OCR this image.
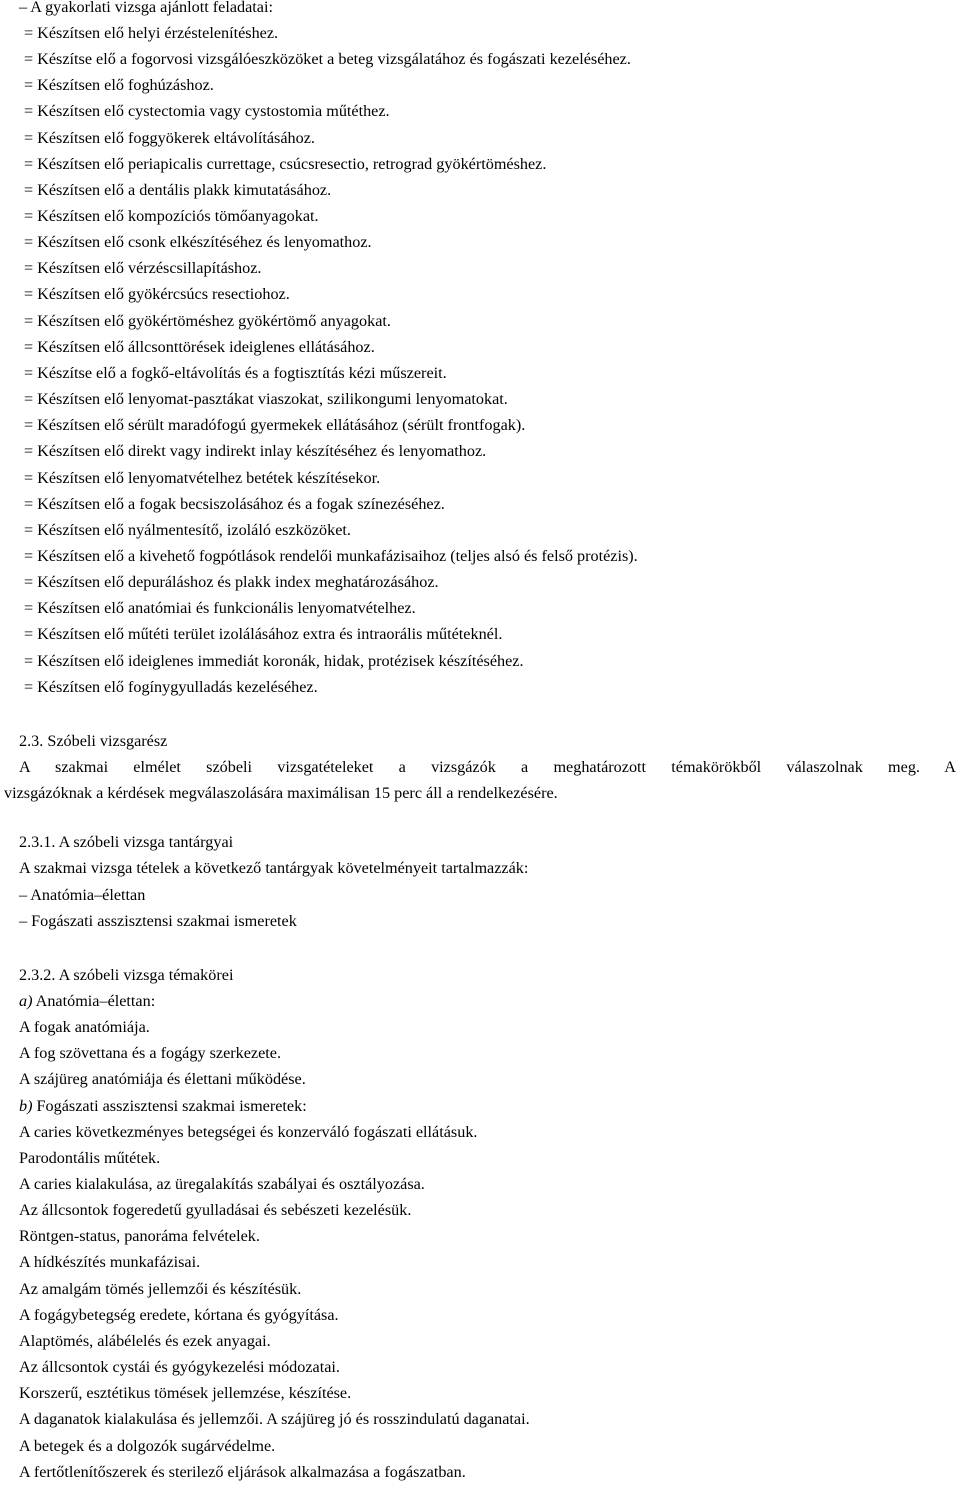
– A gyakorlati vizsga ajánlott feladatai:
= Készítsen elő helyi érzéstelenítéshez.
= Készítse elő a fogorvosi vizsgálóeszközöket a beteg vizsgálatához és fogászati kezeléséhez.
= Készítsen elő foghúzáshoz.
= Készítsen elő cystectomia vagy cystostomia műtéthez.
= Készítsen elő foggyökerek eltávolításához.
= Készítsen elő periapicalis currettage, csúcsresectio, retrograd gyökértöméshez.
= Készítsen elő a dentális plakk kimutatásához.
= Készítsen elő kompozíciós tömőanyagokat.
= Készítsen elő csonk elkészítéséhez és lenyomathoz.
= Készítsen elő vérzéscsillapításhoz.
= Készítsen elő gyökércsúcs resectiohoz.
= Készítsen elő gyökértöméshez gyökértömő anyagokat.
= Készítsen elő állcsonttörések ideiglenes ellátásához.
= Készítse elő a fogkő-eltávolítás és a fogtisztítás kézi műszereit.
= Készítsen elő lenyomat-pasztákat viaszokat, szilikongumi lenyomatokat.
= Készítsen elő sérült maradófogú gyermekek ellátásához (sérült frontfogak).
= Készítsen elő direkt vagy indirekt inlay készítéséhez és lenyomathoz.
= Készítsen elő lenyomatvételhez betétek készítésekor.
= Készítsen elő a fogak becsiszolásához és a fogak színezéséhez.
= Készítsen elő nyálmentesítő, izoláló eszközöket.
= Készítsen elő a kivehető fogpótlások rendelői munkafázisaihoz (teljes alsó és felső protézis).
= Készítsen elő depuráláshoz és plakk index meghatározásához.
= Készítsen elő anatómiai és funkcionális lenyomatvételhez.
= Készítsen elő műtéti terület izolálásához extra és intraorális műtéteknél.
= Készítsen elő ideiglenes immediát koronák, hidak, protézisek készítéséhez.
= Készítsen elő fogínygyulladás kezeléséhez.
2.3. Szóbeli vizsgarész
A szakmai elmélet szóbeli vizsgatételeket a vizsgázók a meghatározott témakörökből válaszolnak meg. A
vizsgázóknak a kérdések megválaszolására maximálisan 15 perc áll a rendelkezésére.
2.3.1. A szóbeli vizsga tantárgyai
A szakmai vizsga tételek a következő tantárgyak követelményeit tartalmazzák:
– Anatómia–élettan
– Fogászati asszisztensi szakmai ismeretek
2.3.2. A szóbeli vizsga témakörei
a) Anatómia–élettan:
A fogak anatómiája.
A fog szövettana és a fogágy szerkezete.
A szájüreg anatómiája és élettani működése.
b) Fogászati asszisztensi szakmai ismeretek:
A caries következményes betegségei és konzerváló fogászati ellátásuk.
Parodontális műtétek.
A caries kialakulása, az üregalakítás szabályai és osztályozása.
Az állcsontok fogeredetű gyulladásai és sebészeti kezelésük.
Röntgen-status, panoráma felvételek.
A hídkészítés munkafázisai.
Az amalgám tömés jellemzői és készítésük.
A fogágybetegség eredete, kórtana és gyógyítása.
Alaptömés, alábélelés és ezek anyagai.
Az állcsontok cystái és gyógykezelési módozatai.
Korszerű, esztétikus tömések jellemzése, készítése.
A daganatok kialakulása és jellemzői. A szájüreg jó és rosszindulatú daganatai.
A betegek és a dolgozók sugárvédelme.
A fertőtlenítőszerek és sterilező eljárások alkalmazása a fogászatban.
